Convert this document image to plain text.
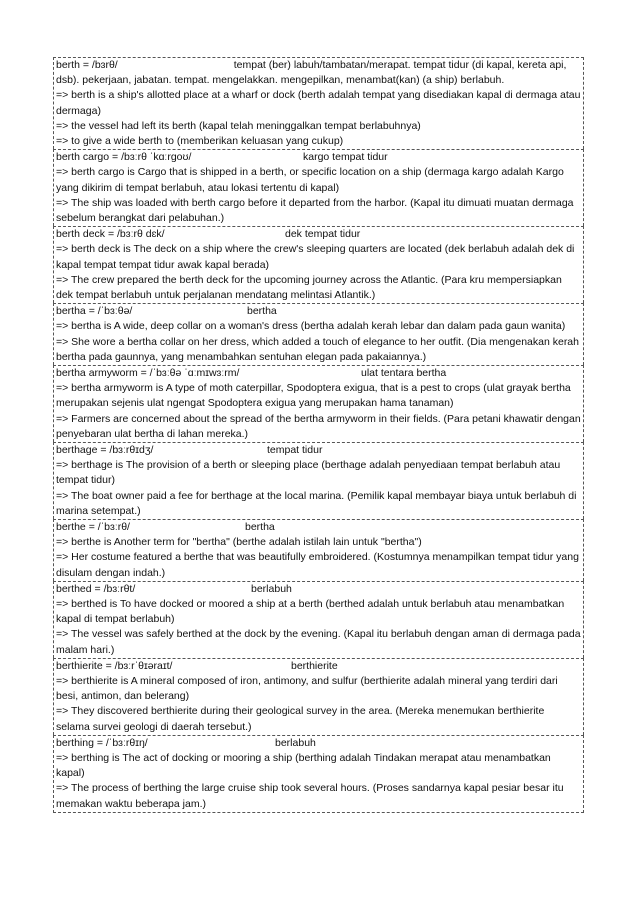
berth = /bɜrθ/	tempat (ber) labuh/tambatan/merapat. tempat tidur (di kapal, kereta api, dsb). pekerjaan, jabatan. tempat. mengelakkan. mengepilkan, menambat(kan) (a ship) berlabuh.
=> berth is a ship's allotted place at a wharf or dock (berth adalah tempat yang disediakan kapal di dermaga atau dermaga)
=> the vessel had left its berth (kapal telah meninggalkan tempat berlabuhnya)
=> to give a wide berth to (memberikan keluasan yang cukup)
berth cargo = /bɜːrθ ˈkɑːrɡoʊ/	kargo tempat tidur
=> berth cargo is Cargo that is shipped in a berth, or specific location on a ship (dermaga kargo adalah Kargo yang dikirim di tempat berlabuh, atau lokasi tertentu di kapal)
=> The ship was loaded with berth cargo before it departed from the harbor. (Kapal itu dimuati muatan dermaga sebelum berangkat dari pelabuhan.)
berth deck = /bɜːrθ dɛk/	dek tempat tidur
=> berth deck is The deck on a ship where the crew's sleeping quarters are located (dek berlabuh adalah dek di kapal tempat tempat tidur awak kapal berada)
=> The crew prepared the berth deck for the upcoming journey across the Atlantic. (Para kru mempersiapkan dek tempat berlabuh untuk perjalanan mendatang melintasi Atlantik.)
bertha = /ˈbɜːθə/	bertha
=> bertha is A wide, deep collar on a woman's dress (bertha adalah kerah lebar dan dalam pada gaun wanita)
=> She wore a bertha collar on her dress, which added a touch of elegance to her outfit. (Dia mengenakan kerah bertha pada gaunnya, yang menambahkan sentuhan elegan pada pakaiannya.)
bertha armyworm = /ˈbɜːθə ˈɑːmɪwɜːrm/	ulat tentara bertha
=> bertha armyworm is A type of moth caterpillar, Spodoptera exigua, that is a pest to crops (ulat grayak bertha merupakan sejenis ulat ngengat Spodoptera exigua yang merupakan hama tanaman)
=> Farmers are concerned about the spread of the bertha armyworm in their fields. (Para petani khawatir dengan penyebaran ulat bertha di lahan mereka.)
berthage = /bɜːrθɪdʒ/	tempat tidur
=> berthage is The provision of a berth or sleeping place (berthage adalah penyediaan tempat berlabuh atau tempat tidur)
=> The boat owner paid a fee for berthage at the local marina. (Pemilik kapal membayar biaya untuk berlabuh di marina setempat.)
berthe = /ˈbɜːrθ/	bertha
=> berthe is Another term for "bertha" (berthe adalah istilah lain untuk "bertha")
=> Her costume featured a berthe that was beautifully embroidered. (Kostumnya menampilkan tempat tidur yang disulam dengan indah.)
berthed = /bɜːrθt/	berlabuh
=> berthed is To have docked or moored a ship at a berth (berthed adalah untuk berlabuh atau menambatkan kapal di tempat berlabuh)
=> The vessel was safely berthed at the dock by the evening. (Kapal itu berlabuh dengan aman di dermaga pada malam hari.)
berthierite = /bɜːrˈθɪəraɪt/	berthierite
=> berthierite is A mineral composed of iron, antimony, and sulfur (berthierite adalah mineral yang terdiri dari besi, antimon, dan belerang)
=> They discovered berthierite during their geological survey in the area. (Mereka menemukan berthierite selama survei geologi di daerah tersebut.)
berthing = /ˈbɜːrθɪŋ/	berlabuh
=> berthing is The act of docking or mooring a ship (berthing adalah Tindakan merapat atau menambatkan kapal)
=> The process of berthing the large cruise ship took several hours. (Proses sandarnya kapal pesiar besar itu memakan waktu beberapa jam.)
